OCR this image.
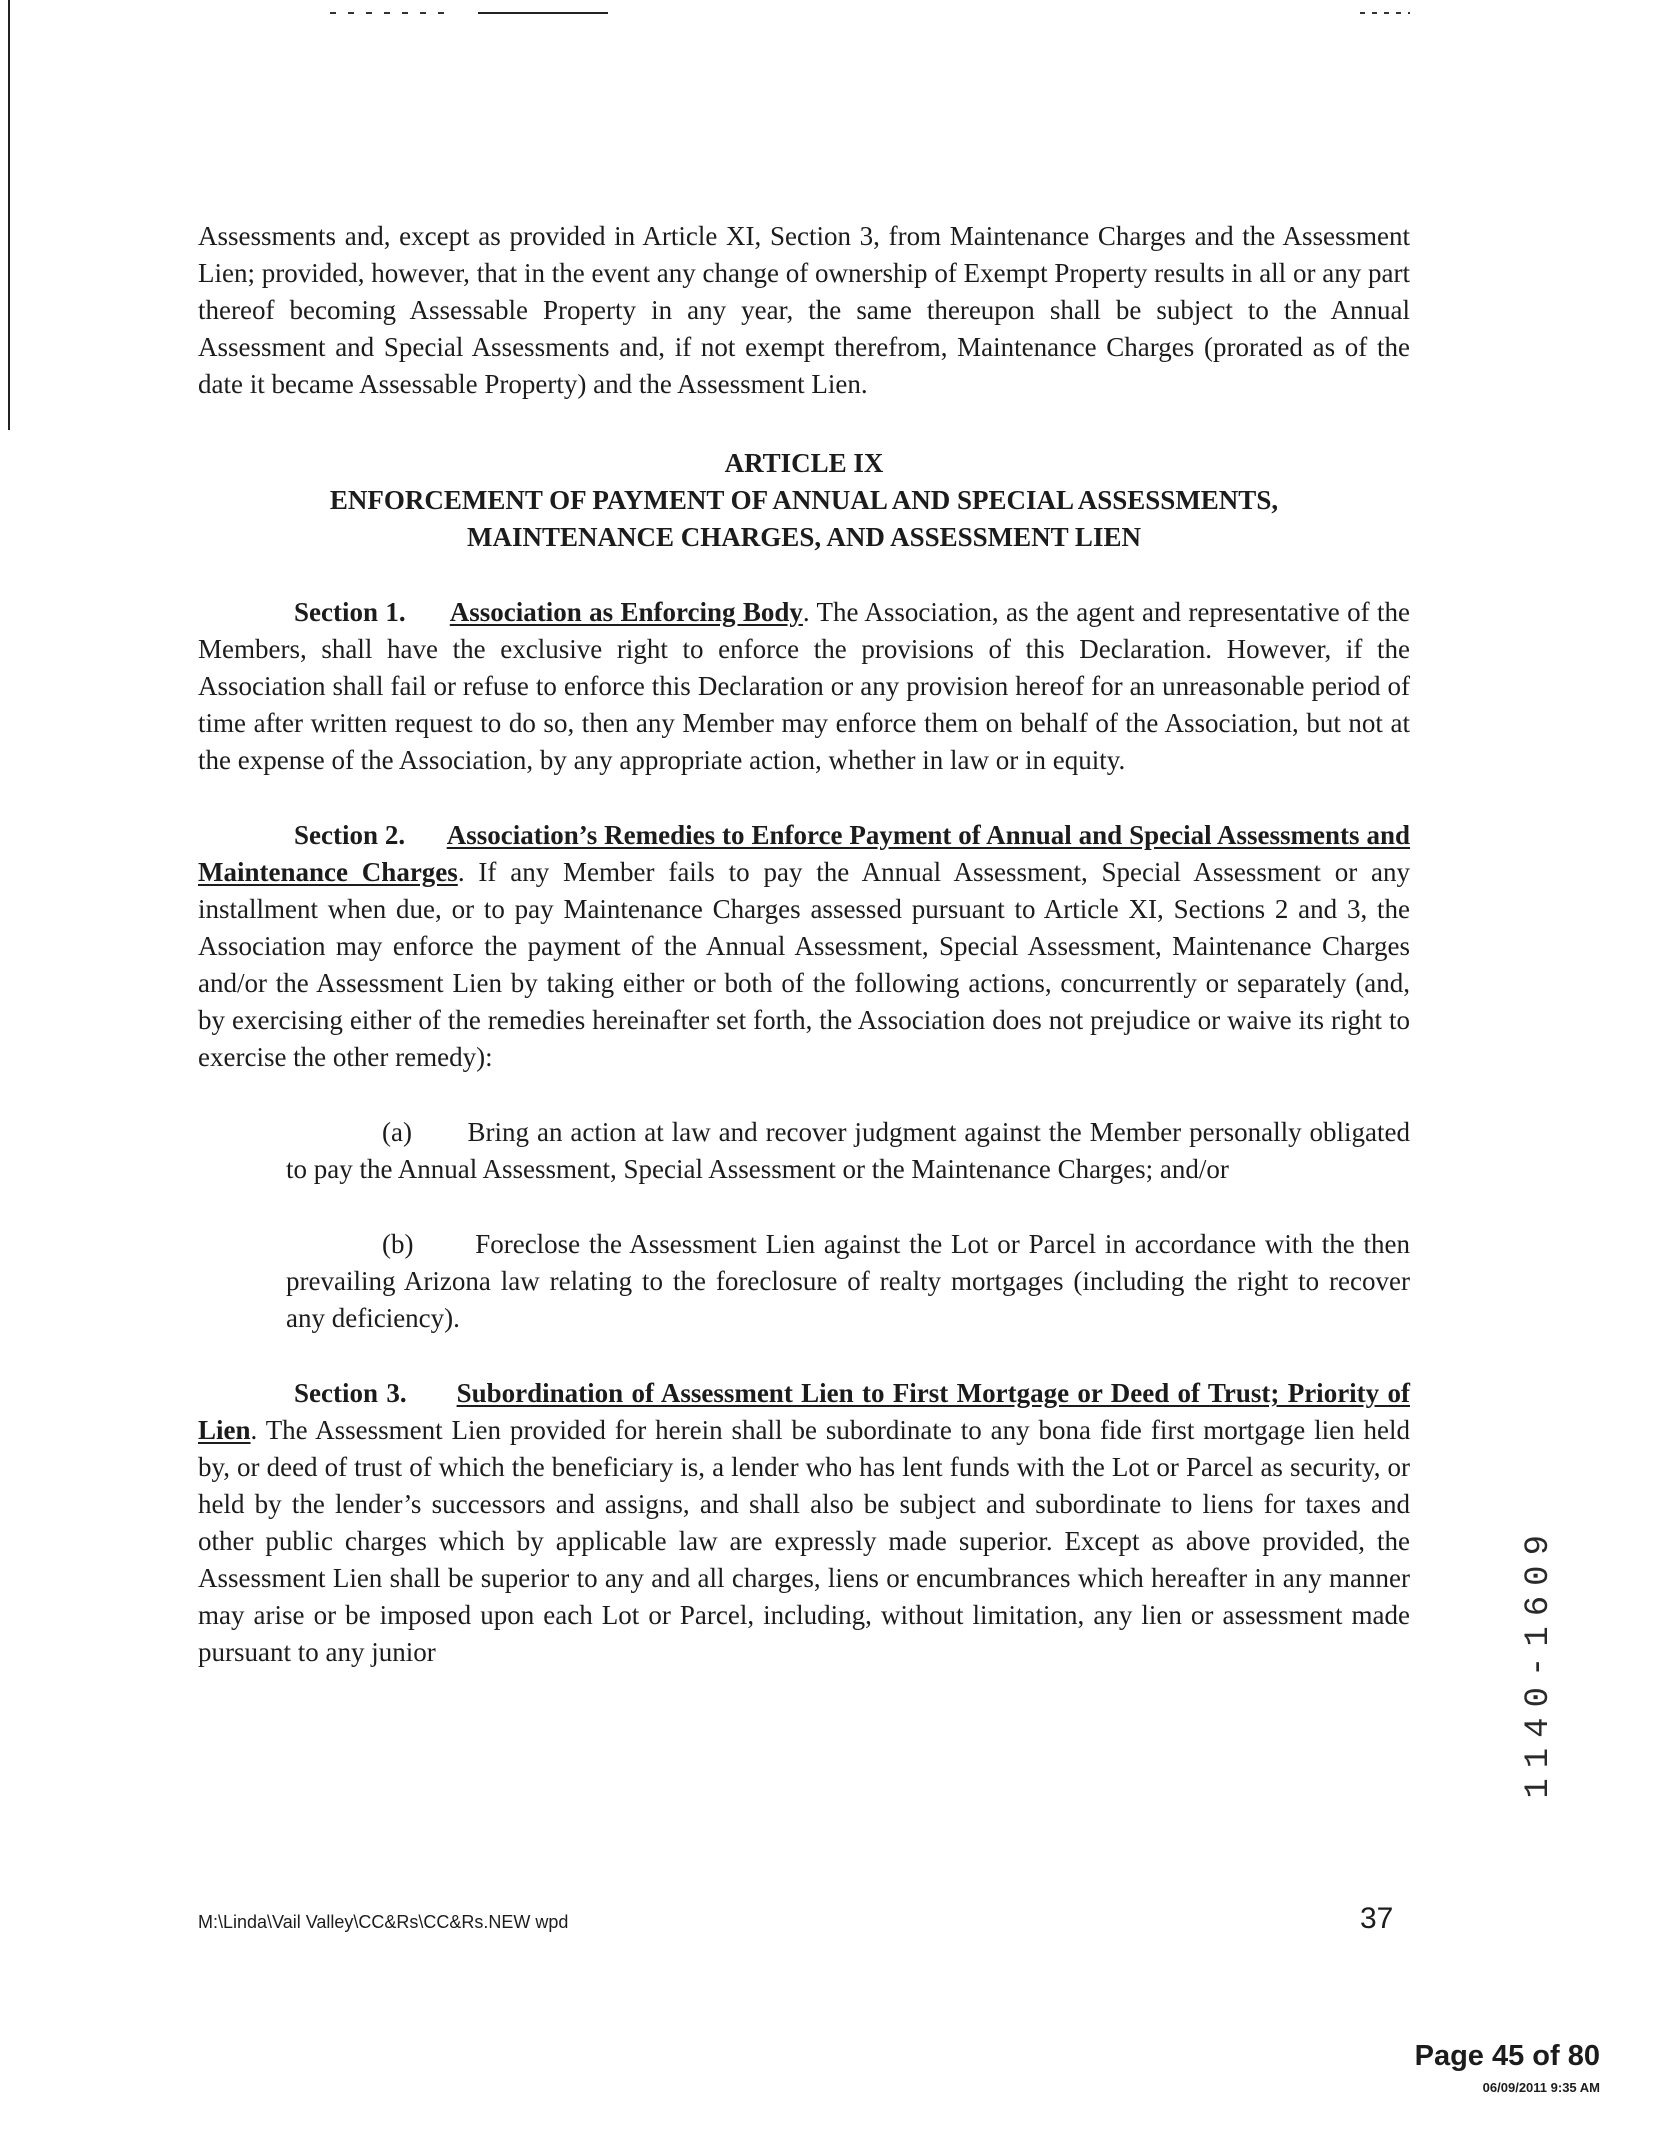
Assessments and, except as provided in Article XI, Section 3, from Maintenance Charges and the Assessment Lien; provided, however, that in the event any change of ownership of Exempt Property results in all or any part thereof becoming Assessable Property in any year, the same thereupon shall be subject to the Annual Assessment and Special Assessments and, if not exempt therefrom, Maintenance Charges (prorated as of the date it became Assessable Property) and the Assessment Lien.

ARTICLE IX
ENFORCEMENT OF PAYMENT OF ANNUAL AND SPECIAL ASSESSMENTS,
MAINTENANCE CHARGES, AND ASSESSMENT LIEN

Section 1. Association as Enforcing Body. The Association, as the agent and representative of the Members, shall have the exclusive right to enforce the provisions of this Declaration. However, if the Association shall fail or refuse to enforce this Declaration or any provision hereof for an unreasonable period of time after written request to do so, then any Member may enforce them on behalf of the Association, but not at the expense of the Association, by any appropriate action, whether in law or in equity.

Section 2. Association’s Remedies to Enforce Payment of Annual and Special Assessments and Maintenance Charges. If any Member fails to pay the Annual Assessment, Special Assessment or any installment when due, or to pay Maintenance Charges assessed pursuant to Article XI, Sections 2 and 3, the Association may enforce the payment of the Annual Assessment, Special Assessment, Maintenance Charges and/or the Assessment Lien by taking either or both of the following actions, concurrently or separately (and, by exercising either of the remedies hereinafter set forth, the Association does not prejudice or waive its right to exercise the other remedy):

(a) Bring an action at law and recover judgment against the Member personally obligated to pay the Annual Assessment, Special Assessment or the Maintenance Charges; and/or

(b) Foreclose the Assessment Lien against the Lot or Parcel in accordance with the then prevailing Arizona law relating to the foreclosure of realty mortgages (including the right to recover any deficiency).

Section 3. Subordination of Assessment Lien to First Mortgage or Deed of Trust; Priority of Lien. The Assessment Lien provided for herein shall be subordinate to any bona fide first mortgage lien held by, or deed of trust of which the beneficiary is, a lender who has lent funds with the Lot or Parcel as security, or held by the lender’s successors and assigns, and shall also be subject and subordinate to liens for taxes and other public charges which by applicable law are expressly made superior. Except as above provided, the Assessment Lien shall be superior to any and all charges, liens or encumbrances which hereafter in any manner may arise or be imposed upon each Lot or Parcel, including, without limitation, any lien or assessment made pursuant to any junior	1140-1609
M:\Linda\Vail Valley\CC&Rs\CC&Rs.NEW wpd	37
Page 45 of 80
06/09/2011 9:35 AM
